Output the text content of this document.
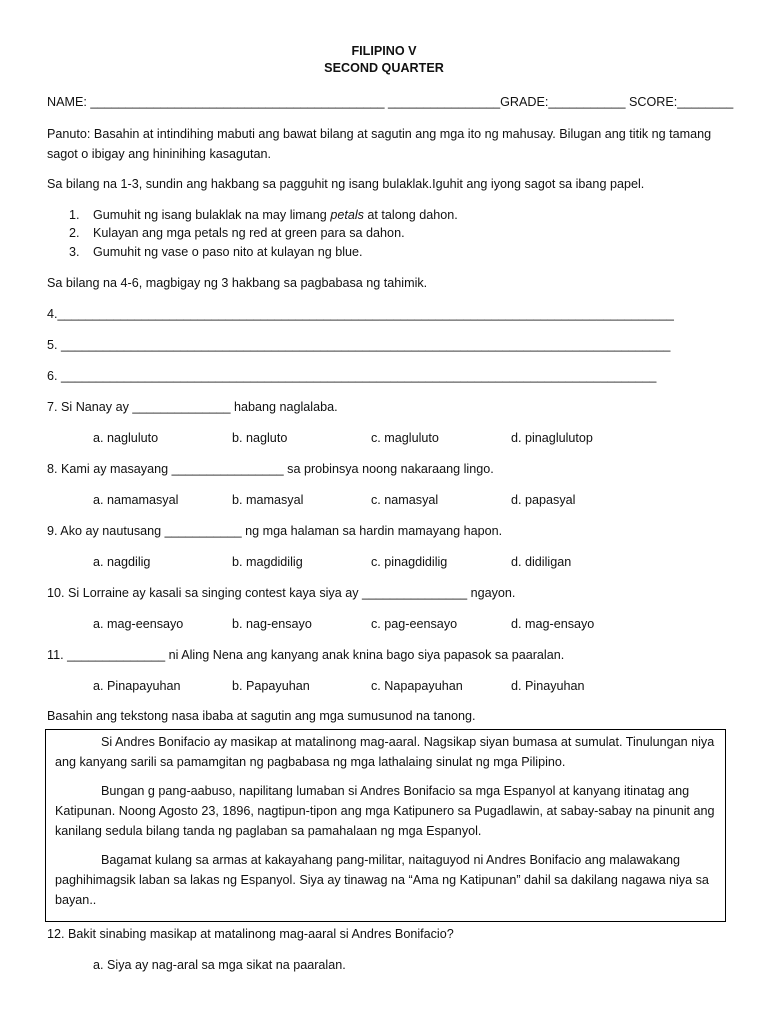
FILIPINO V
SECOND QUARTER
NAME: __________________________________________ ________________GRADE:___________ SCORE:________
Panuto: Basahin at intindihing mabuti ang bawat bilang at sagutin ang mga ito ng mahusay. Bilugan ang titik ng tamang sagot o ibigay ang hininihing kasagutan.
Sa bilang na 1-3, sundin ang hakbang sa pagguhit ng isang bulaklak.Iguhit ang iyong sagot sa ibang papel.
1. Gumuhit ng isang bulaklak na may limang petals at talong dahon.
2. Kulayan ang mga petals ng red at green para sa dahon.
3. Gumuhit ng vase o paso nito at kulayan ng blue.
Sa bilang na 4-6, magbigay ng 3 hakbang sa pagbabasa ng tahimik.
4.________________________________________________________________________________________
5. _______________________________________________________________________________________
6. _____________________________________________________________________________________
7. Si Nanay ay ______________ habang naglalaba.
a. nagluluto	b. nagluto	c. magluluto	d. pinaglulutop
8. Kami ay masayang ________________ sa probinsya noong nakaraang lingo.
a. namamasyal	b. mamasyal	c. namasyal	d. papasyal
9. Ako ay nautusang ___________ ng mga halaman sa hardin mamayang hapon.
a. nagdilig	b. magdidilig	c. pinagdidilig	d. didiligan
10. Si Lorraine ay kasali sa singing contest kaya siya ay _______________ ngayon.
a. mag-eensayo	b. nag-ensayo	c. pag-eensayo	d. mag-ensayo
11. ______________ ni Aling Nena ang kanyang anak knina bago siya papasok sa paaralan.
a. Pinapayuhan	b. Papayuhan	c. Napapayuhan	d. Pinayuhan
Basahin ang tekstong nasa ibaba at sagutin ang mga sumusunod na tanong.

Si Andres Bonifacio ay masikap at matalinong mag-aaral. Nagsikap siyan bumasa at sumulat. Tinulungan niya ang kanyang sarili sa pamamgitan ng pagbabasa ng mga lathalaing sinulat ng mga Pilipino.

Bungan g pang-aabuso, napilitang lumaban si Andres Bonifacio sa mga Espanyol at kanyang itinatag ang Katipunan. Noong Agosto 23, 1896, nagtipun-tipon ang mga Katipunero sa Pugadlawin, at sabay-sabay na pinunit ang kanilang sedula bilang tanda ng paglaban sa pamahalaan ng mga Espanyol.

Bagamat kulang sa armas at kakayahang pang-militar, naitaguyod ni Andres Bonifacio ang malawakang paghihimagsik laban sa lakas ng Espanyol. Siya ay tinawag na “Ama ng Katipunan” dahil sa dakilang nagawa niya sa bayan..

12. Bakit sinabing masikap at matalinong mag-aaral si Andres Bonifacio?
a. Siya ay nag-aral sa mga sikat na paaralan.
